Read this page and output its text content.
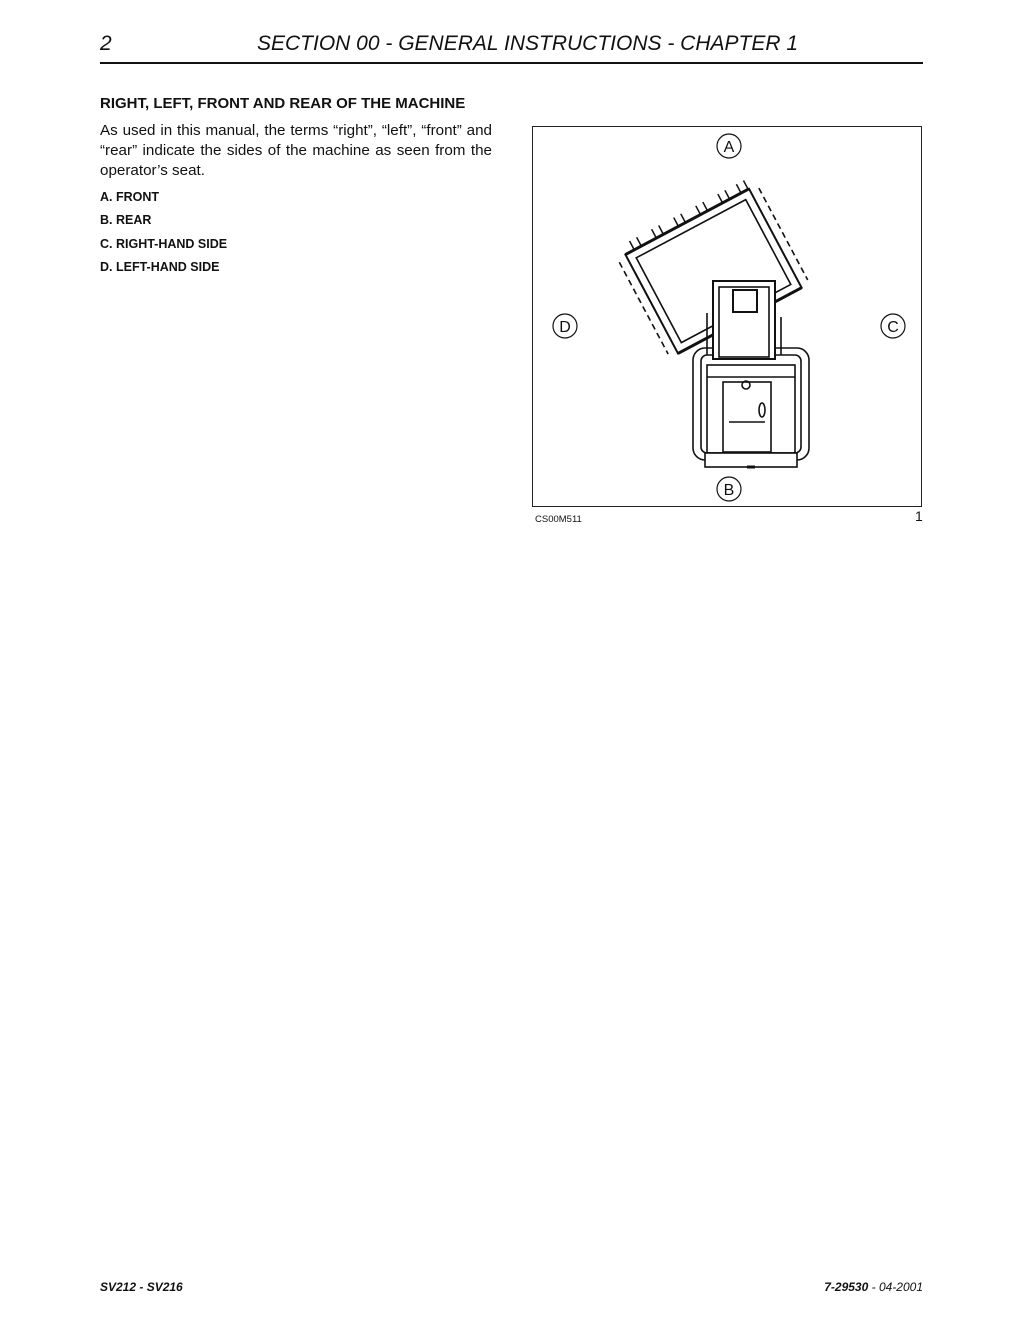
2	SECTION 00 - GENERAL INSTRUCTIONS - CHAPTER 1
RIGHT, LEFT, FRONT AND REAR OF THE MACHINE

As used in this manual, the terms “right”, “left”, “front” and “rear” indicate the sides of the machine as seen from the operator’s seat.

A. FRONT
B. REAR
C. RIGHT-HAND SIDE
D. LEFT-HAND SIDE
A
B
C
D
CS00M511	1
SV212 - SV216	7-29530 - 04-2001
